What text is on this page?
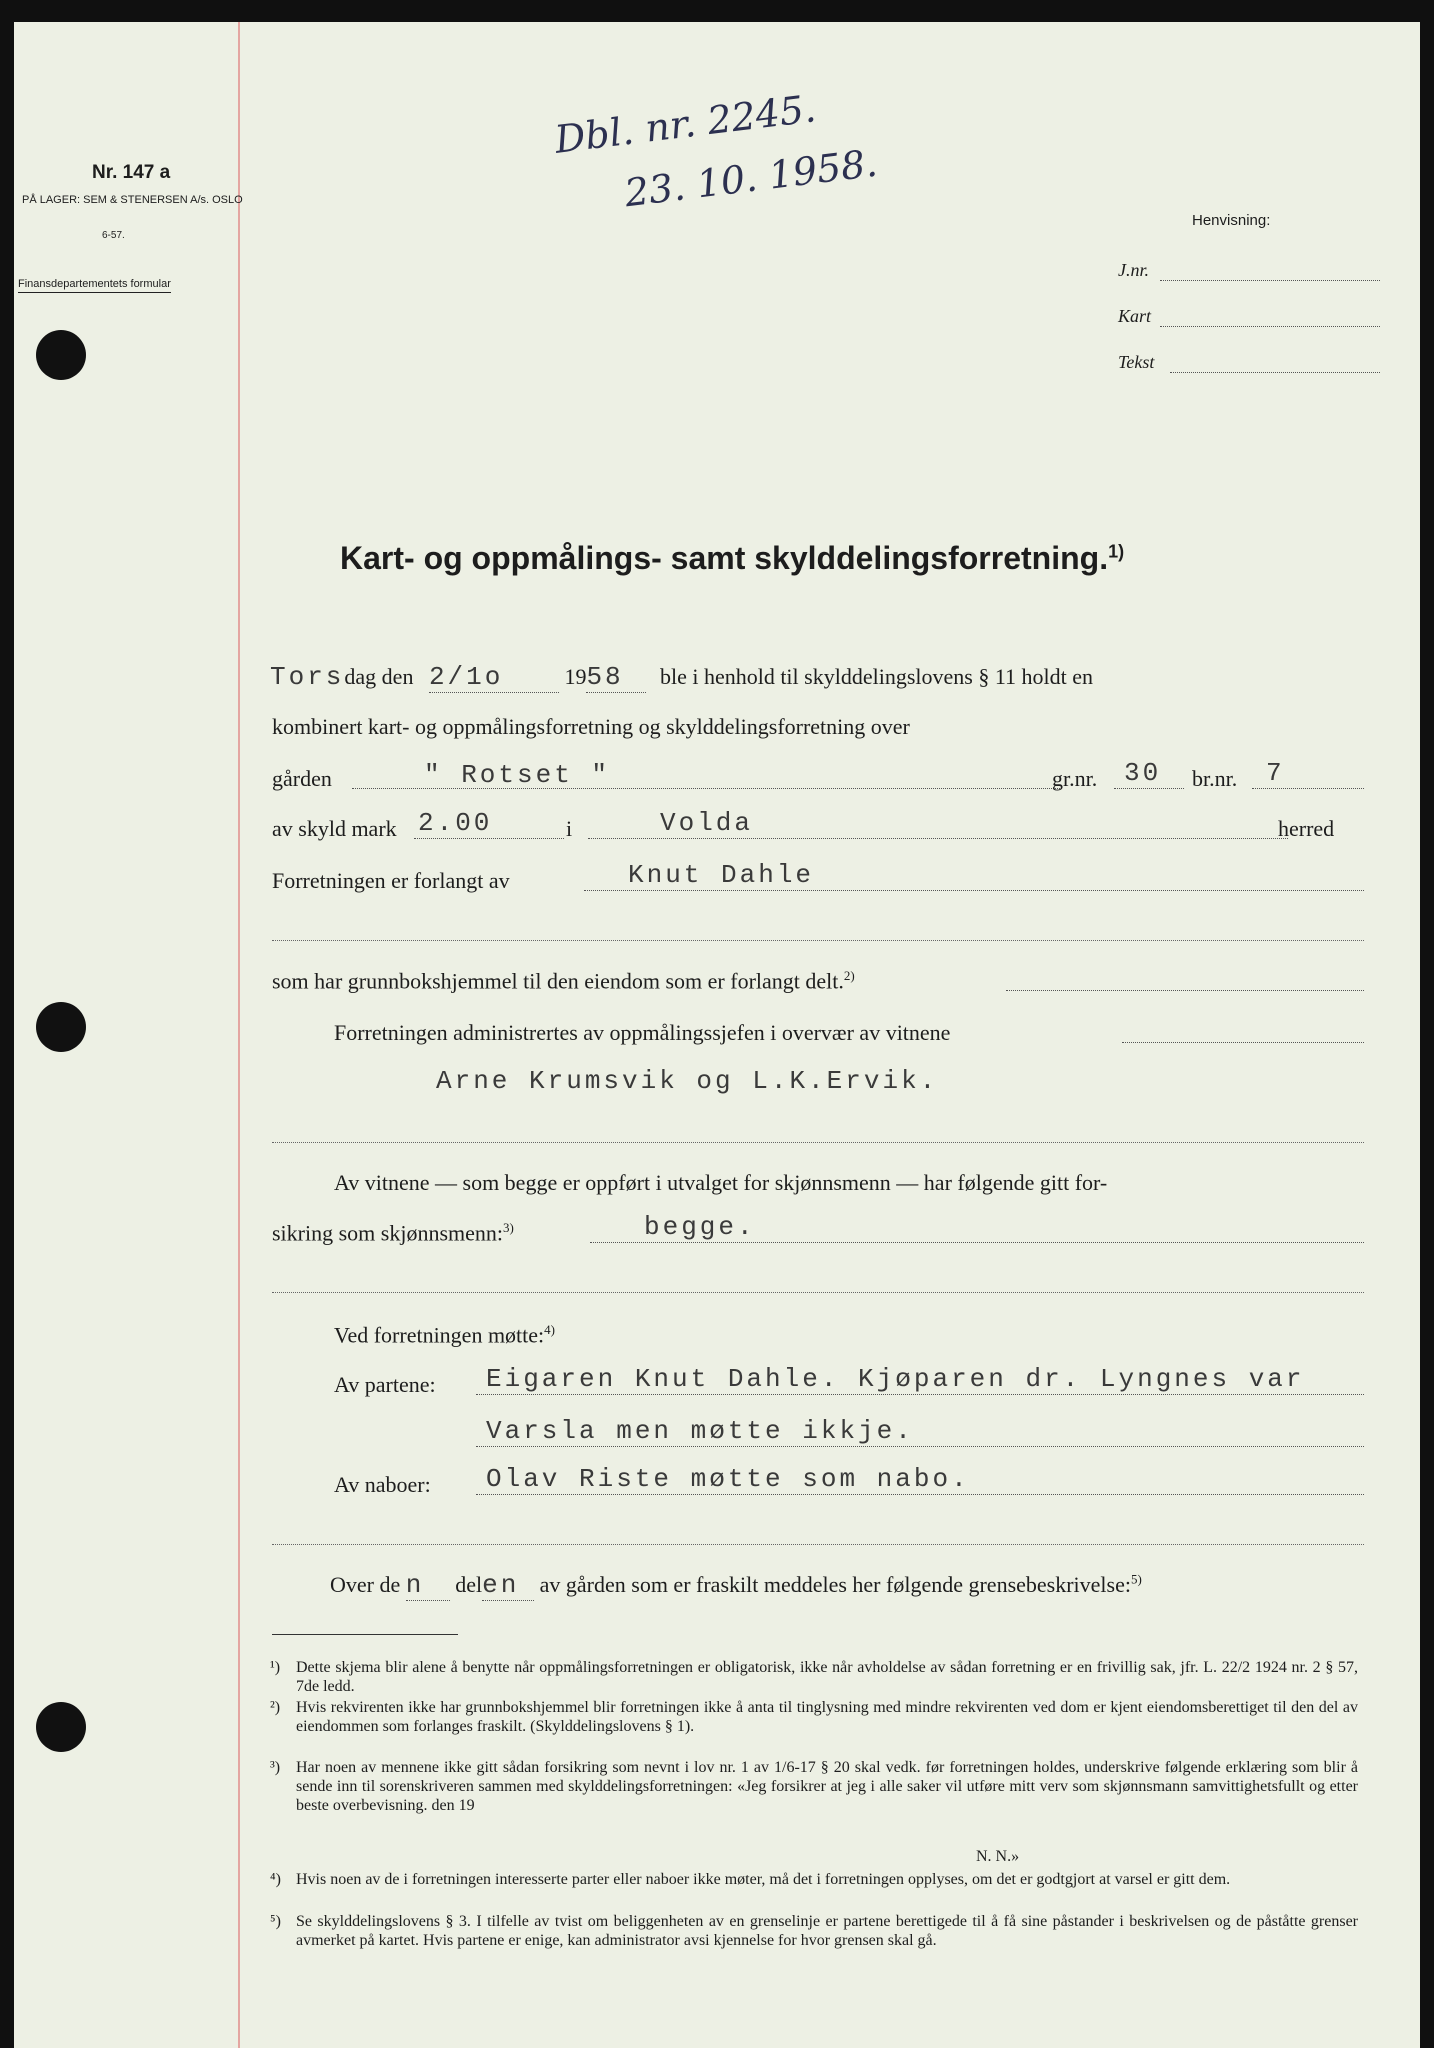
Nr. 147 a
PÅ LAGER: SEM & STENERSEN A/s. OSLO
6-57.
Finansdepartementets formular
Dbl. nr. 2245.
23. 10. 1958.
Henvisning:
J.nr.
Kart
Tekst
Kart- og oppmålings- samt skylddelingsforretning.$^{1)}$
Torsdag den 2/1o	1958 ble i henhold til skylddelingslovens § 11 holdt en
kombinert kart- og oppmålingsforretning og skylddelingsforretning over
gården	" Rotset "	gr.nr. 30 br.nr. 7
av skyld mark 2.00	i	Volda	herred
Forretningen er forlangt av	Knut Dahle
som har grunnbokshjemmel til den eiendom som er forlangt delt.$^{2)}$
Forretningen administrertes av oppmålingssjefen i overvær av vitnene
Arne Krumsvik og L.K.Ervik.
Av vitnene — som begge er oppført i utvalget for skjønnsmenn — har følgende gitt for-
sikring som skjønnsmenn:$^{3)}$	begge.
Ved forretningen møtte:$^{4)}$
Av partene: Eigaren Knut Dahle. Kjøparen dr. Lyngnes var
Varsla men møtte ikkje.
Av naboer: Olav Riste møtte som nabo.
Over de n delen av gården som er fraskilt meddeles her følgende grensebeskrivelse:$^{5)}$
¹) Dette skjema blir alene å benytte når oppmålingsforretningen er obligatorisk, ikke når avholdelse av sådan forretning er en frivillig sak, jfr. L. 22/2 1924 nr. 2 § 57, 7de ledd.
²) Hvis rekvirenten ikke har grunnbokshjemmel blir forretningen ikke å anta til tinglysning med mindre rekvirenten ved dom er kjent eiendomsberettiget til den del av eiendommen som forlanges fraskilt. (Skylddelingslovens § 1).
³) Har noen av mennene ikke gitt sådan forsikring som nevnt i lov nr. 1 av 1/6-17 § 20 skal vedk. før forretningen holdes, underskrive følgende erklæring som blir å sende inn til sorenskriveren sammen med skylddelingsforretningen: «Jeg forsikrer at jeg i alle saker vil utføre mitt verv som skjønnsmann samvittighetsfullt og etter beste overbevisning. den 19
N. N.»
⁴) Hvis noen av de i forretningen interesserte parter eller naboer ikke møter, må det i forretningen opplyses, om det er godtgjort at varsel er gitt dem.
⁵) Se skylddelingslovens § 3. I tilfelle av tvist om beliggenheten av en grenselinje er partene berettigede til å få sine påstander i beskrivelsen og de påståtte grenser avmerket på kartet. Hvis partene er enige, kan administrator avsi kjennelse for hvor grensen skal gå.
